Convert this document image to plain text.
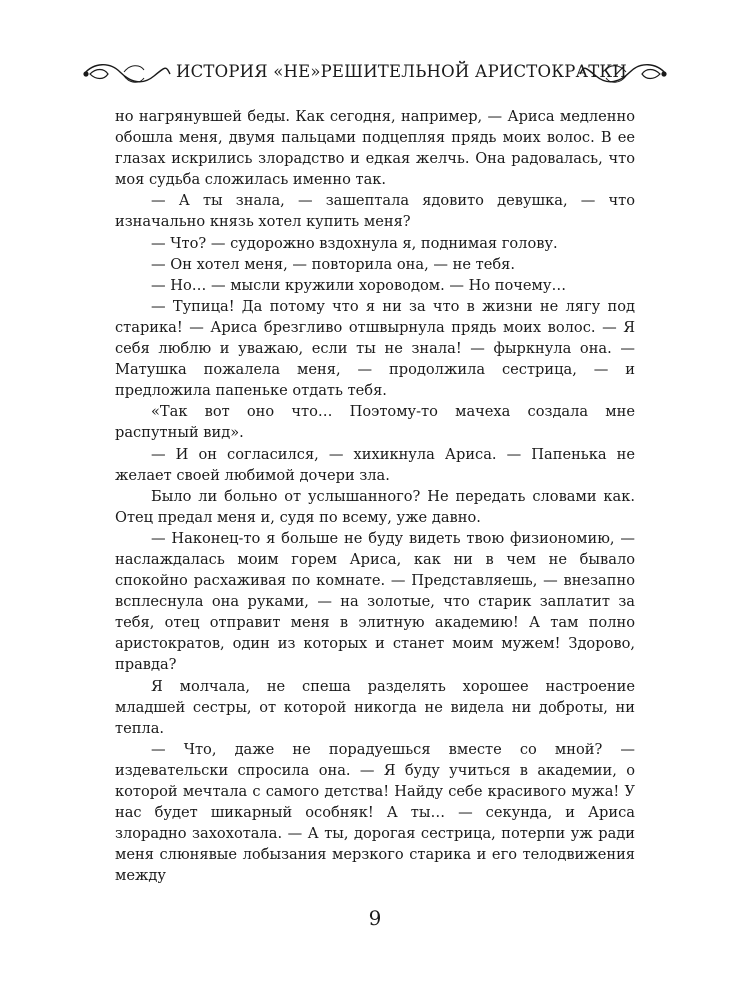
ИСТОРИЯ «НЕ»РЕШИТЕЛЬНОЙ АРИСТОКРАТКИ

но нагрянувшей беды. Как сегодня, например, — Ариса медленно обошла меня, двумя пальцами подцепляя прядь моих волос. В ее глазах искрились злорадство и едкая желчь. Она радовалась, что моя судьба сложилась именно так.

— А ты знала, — зашептала ядовито девушка, — что изначально князь хотел купить меня?

— Что? — судорожно вздохнула я, поднимая голову.

— Он хотел меня, — повторила она, — не тебя.

— Но… — мысли кружили хороводом. — Но почему…

— Тупица! Да потому что я ни за что в жизни не лягу под старика! — Ариса брезгливо отшвырнула прядь моих волос. — Я себя люблю и уважаю, если ты не знала! — фыркнула она. — Матушка пожалела меня, — продолжила сестрица, — и предложила папеньке отдать тебя.

«Так вот оно что… Поэтому-то мачеха создала мне распутный вид».

— И он согласился, — хихикнула Ариса. — Папенька не желает своей любимой дочери зла.

Было ли больно от услышанного? Не передать словами как. Отец предал меня и, судя по всему, уже давно.

— Наконец-то я больше не буду видеть твою физиономию, — наслаждалась моим горем Ариса, как ни в чем не бывало спокойно расхаживая по комнате. — Представляешь, — внезапно всплеснула она руками, — на золотые, что старик заплатит за тебя, отец отправит меня в элитную академию! А там полно аристократов, один из которых и станет моим мужем! Здорово, правда?

Я молчала, не спеша разделять хорошее настроение младшей сестры, от которой никогда не видела ни доброты, ни тепла.

— Что, даже не порадуешься вместе со мной? — издевательски спросила она. — Я буду учиться в академии, о которой мечтала с самого детства! Найду себе красивого мужа! У нас будет шикарный особняк! А ты… — секунда, и Ариса злорадно захохотала. — А ты, дорогая сестрица, потерпи уж ради меня слюнявые лобызания мерзкого старика и его телодвижения между

9
